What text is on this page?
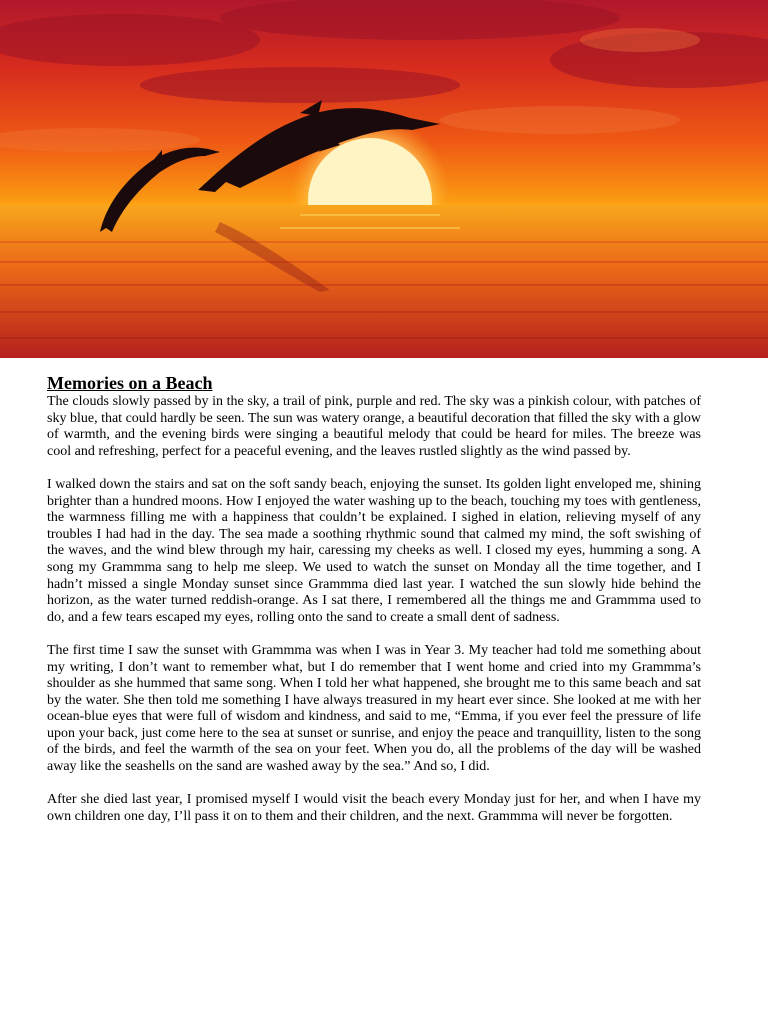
Memories on a Beach

The clouds slowly passed by in the sky, a trail of pink, purple and red. The sky was a pinkish colour, with patches of sky blue, that could hardly be seen. The sun was watery orange, a beautiful decoration that filled the sky with a glow of warmth, and the evening birds were singing a beautiful melody that could be heard for miles. The breeze was cool and refreshing, perfect for a peaceful evening, and the leaves rustled slightly as the wind passed by.

I walked down the stairs and sat on the soft sandy beach, enjoying the sunset. Its golden light enveloped me, shining brighter than a hundred moons. How I enjoyed the water washing up to the beach, touching my toes with gentleness, the warmness filling me with a happiness that couldn’t be explained. I sighed in elation, relieving myself of any troubles I had had in the day. The sea made a soothing rhythmic sound that calmed my mind, the soft swishing of the waves, and the wind blew through my hair, caressing my cheeks as well. I closed my eyes, humming a song. A song my Grammma sang to help me sleep. We used to watch the sunset on Monday all the time together, and I hadn’t missed a single Monday sunset since Grammma died last year. I watched the sun slowly hide behind the horizon, as the water turned reddish-orange. As I sat there, I remembered all the things me and Grammma used to do, and a few tears escaped my eyes, rolling onto the sand to create a small dent of sadness.

The first time I saw the sunset with Grammma was when I was in Year 3. My teacher had told me something about my writing, I don’t want to remember what, but I do remember that I went home and cried into my Grammma’s shoulder as she hummed that same song. When I told her what happened, she brought me to this same beach and sat by the water. She then told me something I have always treasured in my heart ever since. She looked at me with her ocean-blue eyes that were full of wisdom and kindness, and said to me, “Emma, if you ever feel the pressure of life upon your back, just come here to the sea at sunset or sunrise, and enjoy the peace and tranquillity, listen to the song of the birds, and feel the warmth of the sea on your feet. When you do, all the problems of the day will be washed away like the seashells on the sand are washed away by the sea.” And so, I did.

After she died last year, I promised myself I would visit the beach every Monday just for her, and when I have my own children one day, I’ll pass it on to them and their children, and the next. Grammma will never be forgotten.
